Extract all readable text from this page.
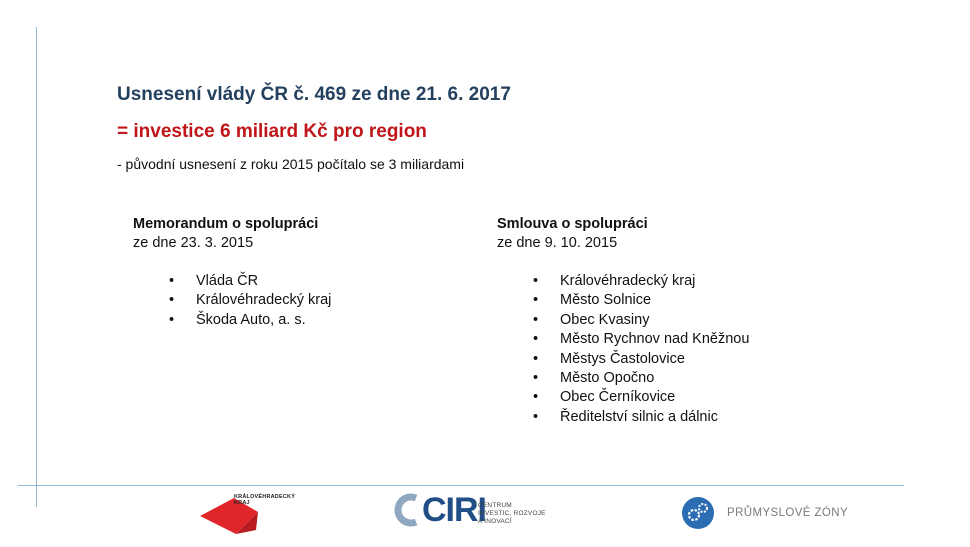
Usnesení vlády ČR č. 469 ze dne 21. 6. 2017
= investice 6 miliard Kč pro region
- původní usnesení z roku 2015 počítalo se 3 miliardami
Memorandum o spolupráci
ze dne 23. 3. 2015
• Vláda ČR
• Královéhradecký kraj
• Škoda Auto, a. s.
Smlouva o spolupráci
ze dne 9. 10. 2015
• Královéhradecký kraj
• Město Solnice
• Obec Kvasiny
• Město Rychnov nad Kněžnou
• Městys Častolovice
• Město Opočno
• Obec Černíkovice
• Ředitelství silnic a dálnic
KRÁLOVÉHRADECKÝ
KRAJ	CIRI
CENTRUM
INVESTIC, ROZVOJE
A INOVACÍ
PRŮMYSLOVÉ ZÓNY
